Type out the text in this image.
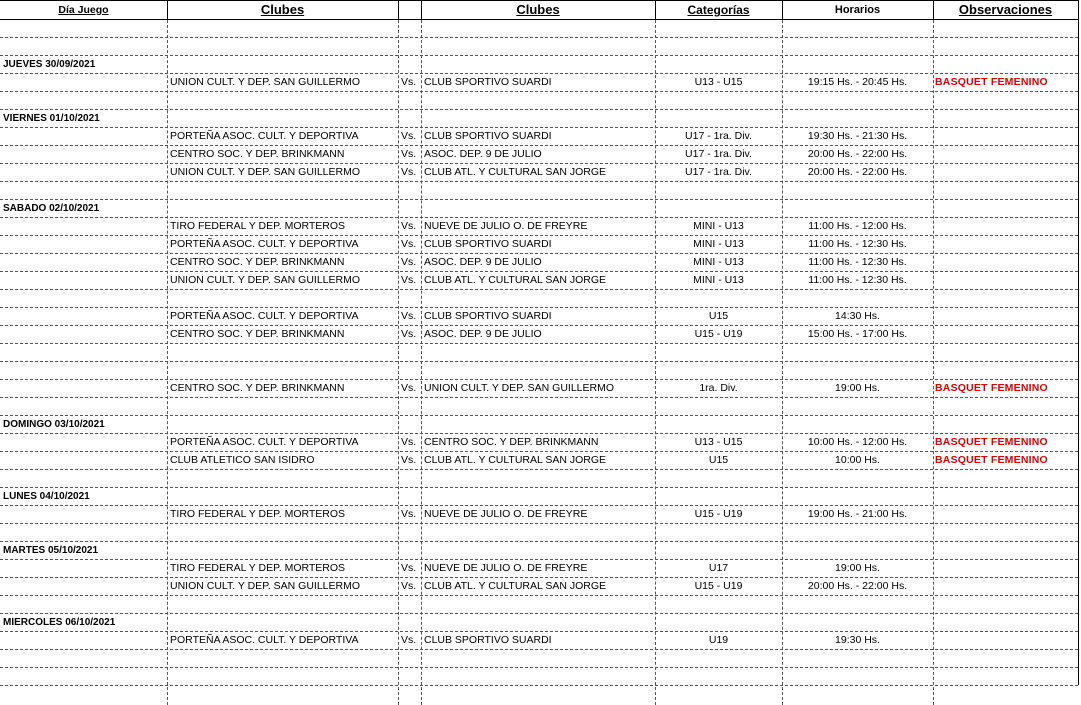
Día Juego	Clubes	Clubes	Categorías	Horarios	Observaciones
JUEVES 30/09/2021
UNION CULT. Y DEP. SAN GUILLERMO	Vs. CLUB SPORTIVO SUARDI	U13 - U15	19:15 Hs. - 20:45 Hs.	BASQUET FEMENINO
VIERNES 01/10/2021
PORTEÑA ASOC. CULT. Y DEPORTIVA	Vs. CLUB SPORTIVO SUARDI	U17 - 1ra. Div.	19:30 Hs. - 21:30 Hs.
CENTRO SOC. Y DEP. BRINKMANN	Vs. ASOC. DEP. 9 DE JULIO	U17 - 1ra. Div.	20:00 Hs. - 22:00 Hs.
UNION CULT. Y DEP. SAN GUILLERMO	Vs. CLUB ATL. Y CULTURAL SAN JORGE	U17 - 1ra. Div.	20:00 Hs. - 22:00 Hs.
SABADO 02/10/2021
TIRO FEDERAL Y DEP. MORTEROS	Vs. NUEVE DE JULIO O. DE FREYRE	MINI - U13	11:00 Hs. - 12:00 Hs.
PORTEÑA ASOC. CULT. Y DEPORTIVA	Vs. CLUB SPORTIVO SUARDI	MINI - U13	11:00 Hs. - 12:30 Hs.
CENTRO SOC. Y DEP. BRINKMANN	Vs. ASOC. DEP. 9 DE JULIO	MINI - U13	11:00 Hs. - 12:30 Hs.
UNION CULT. Y DEP. SAN GUILLERMO	Vs. CLUB ATL. Y CULTURAL SAN JORGE	MINI - U13	11:00 Hs. - 12:30 Hs.
PORTEÑA ASOC. CULT. Y DEPORTIVA	Vs. CLUB SPORTIVO SUARDI	U15	14:30 Hs.
CENTRO SOC. Y DEP. BRINKMANN	Vs. ASOC. DEP. 9 DE JULIO	U15 - U19	15:00 Hs. - 17:00 Hs.
CENTRO SOC. Y DEP. BRINKMANN	Vs. UNION CULT. Y DEP. SAN GUILLERMO	1ra. Div.	19:00 Hs.	BASQUET FEMENINO
DOMINGO 03/10/2021
PORTEÑA ASOC. CULT. Y DEPORTIVA	Vs. CENTRO SOC. Y DEP. BRINKMANN	U13 - U15	10:00 Hs. - 12:00 Hs.	BASQUET FEMENINO
CLUB ATLETICO SAN ISIDRO	Vs. CLUB ATL. Y CULTURAL SAN JORGE	U15	10:00 Hs.	BASQUET FEMENINO
LUNES 04/10/2021
TIRO FEDERAL Y DEP. MORTEROS	Vs. NUEVE DE JULIO O. DE FREYRE	U15 - U19	19:00 Hs. - 21:00 Hs.
MARTES 05/10/2021
TIRO FEDERAL Y DEP. MORTEROS	Vs. NUEVE DE JULIO O. DE FREYRE	U17	19:00 Hs.
UNION CULT. Y DEP. SAN GUILLERMO	Vs. CLUB ATL. Y CULTURAL SAN JORGE	U15 - U19	20:00 Hs. - 22:00 Hs.
MIERCOLES 06/10/2021
PORTEÑA ASOC. CULT. Y DEPORTIVA	Vs. CLUB SPORTIVO SUARDI	U19	19:30 Hs.
